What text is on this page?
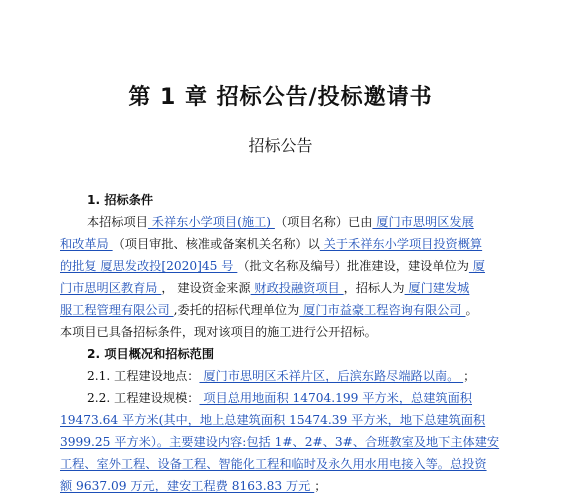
第 1 章 招标公告/投标邀请书
招标公告
1. 招标条件
本招标项目 禾祥东小学项目(施工) （项目名称）已由 厦门市思明区发展
和改革局 （项目审批、核准或备案机关名称）以 关于禾祥东小学项目投资概算
的批复 厦思发改投[2020]45 号 （批文名称及编号）批准建设，建设单位为 厦
门市思明区教育局 ， 建设资金来源 财政投融资项目 ，招标人为 厦门建发城
服工程管理有限公司 ,委托的招标代理单位为 厦门市益豪工程咨询有限公司 。
本项目已具备招标条件，现对该项目的施工进行公开招标。
2. 项目概况和招标范围
2.1. 工程建设地点： 厦门市思明区禾祥片区，后滨东路尽端路以南。 ；
2.2. 工程建设规模： 项目总用地面积 14704.199 平方米，总建筑面积
19473.64 平方米(其中，地上总建筑面积 15474.39 平方米，地下总建筑面积
3999.25 平方米）。主要建设内容:包括 1#、2#、3#、合班教室及地下主体建安
工程、室外工程、设备工程、智能化工程和临时及永久用水用电接入等。总投资
额 9637.09 万元，建安工程费 8163.83 万元 ；
